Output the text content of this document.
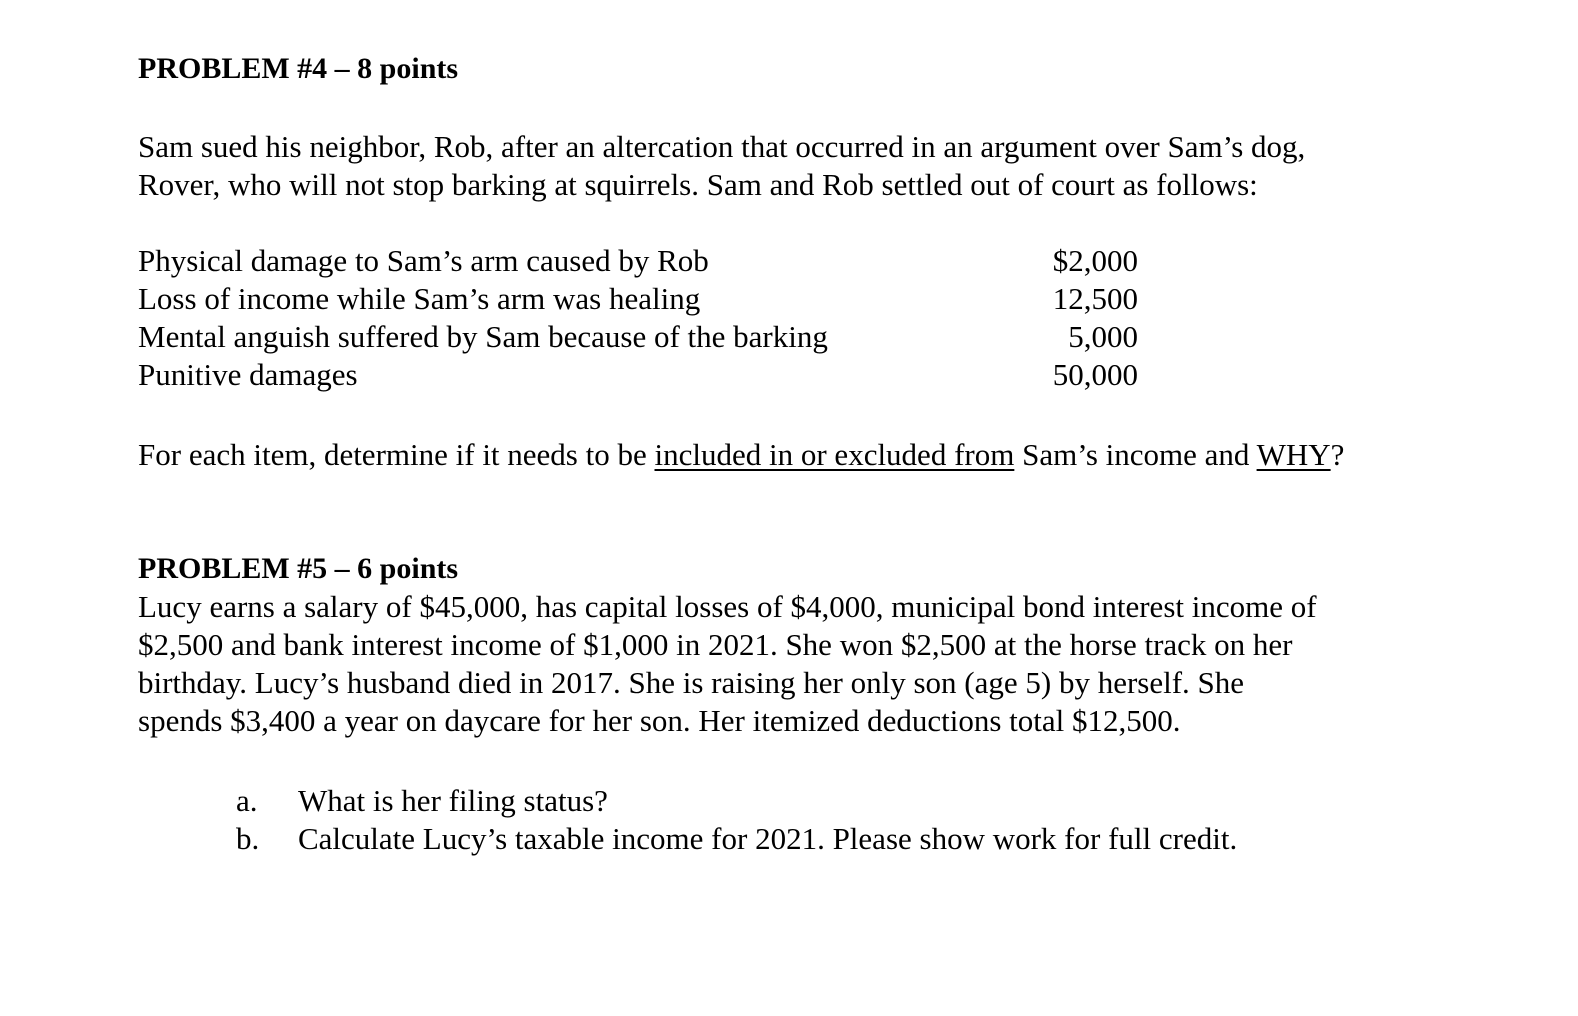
PROBLEM #4 – 8 points
Sam sued his neighbor, Rob, after an altercation that occurred in an argument over Sam’s dog,
Rover, who will not stop barking at squirrels. Sam and Rob settled out of court as follows:
Physical damage to Sam’s arm caused by Rob	$2,000
Loss of income while Sam’s arm was healing	12,500
Mental anguish suffered by Sam because of the barking	5,000
Punitive damages	50,000
For each item, determine if it needs to be included in or excluded from Sam’s income and WHY?
PROBLEM #5 – 6 points
Lucy earns a salary of $45,000, has capital losses of $4,000, municipal bond interest income of
$2,500 and bank interest income of $1,000 in 2021. She won $2,500 at the horse track on her
birthday. Lucy’s husband died in 2017. She is raising her only son (age 5) by herself. She
spends $3,400 a year on daycare for her son. Her itemized deductions total $12,500.
a.	What is her filing status?
b.	Calculate Lucy’s taxable income for 2021. Please show work for full credit.
